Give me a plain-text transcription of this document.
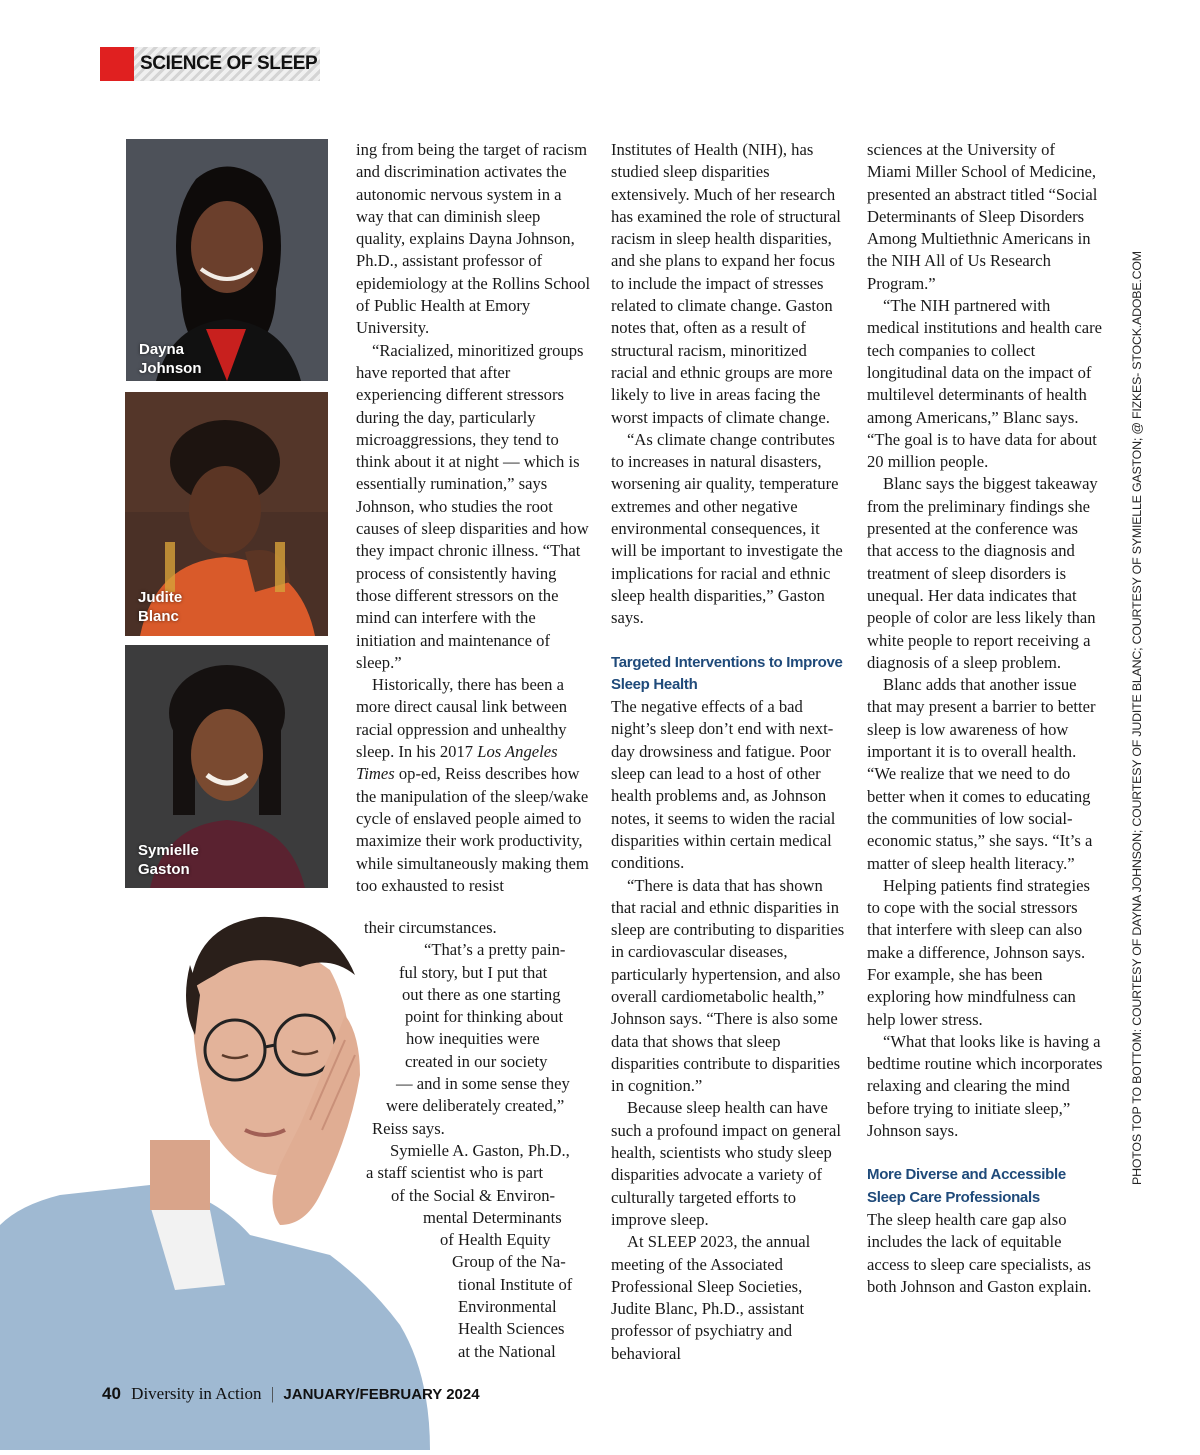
SCIENCE OF SLEEP
Dayna
Johnson
Judite
Blanc
Symielle
Gaston

ing from being the target of racism and discrimination activates the autonomic nervous system in a way that can diminish sleep quality, explains Dayna Johnson, Ph.D., assistant professor of epidemiology at the Rollins School of Public Health at Emory University.

“Racialized, minoritized groups have reported that after experiencing different stressors during the day, particularly microaggressions, they tend to think about it at night — which is essentially rumination,” says Johnson, who studies the root causes of sleep disparities and how they impact chronic illness. “That process of consistently having those different stressors on the mind can interfere with the initiation and maintenance of sleep.”

Historically, there has been a more direct causal link between racial oppression and unhealthy sleep. In his 2017 Los Angeles Times op-ed, Reiss describes how the manipulation of the sleep/wake cycle of enslaved people aimed to maximize their work productivity, while simultaneously making them too exhausted to resist

their circumstances.
“That’s a pretty pain-
ful story, but I put that
out there as one starting
point for thinking about
how inequities were
created in our society
— and in some sense they
were deliberately created,”
Reiss says.
Symielle A. Gaston, Ph.D.,
a staff scientist who is part
of the Social & Environ-
mental Determinants
of Health Equity
Group of the Na-
tional Institute of
Environmental
Health Sciences
at the National

Institutes of Health (NIH), has studied sleep disparities extensively. Much of her research has examined the role of structural racism in sleep health disparities, and she plans to expand her focus to include the impact of stresses related to climate change. Gaston notes that, often as a result of structural racism, minoritized racial and ethnic groups are more likely to live in areas facing the worst impacts of climate change.

“As climate change contributes to increases in natural disasters, worsening air quality, temperature extremes and other negative environmental consequences, it will be important to investigate the implications for racial and ethnic sleep health disparities,” Gaston says.

Targeted Interventions to Improve Sleep Health

The negative effects of a bad night’s sleep don’t end with next-day drowsiness and fatigue. Poor sleep can lead to a host of other health problems and, as Johnson notes, it seems to widen the racial disparities within certain medical conditions.

“There is data that has shown that racial and ethnic disparities in sleep are contributing to disparities in cardiovascular diseases, particularly hypertension, and also overall cardiometabolic health,” Johnson says. “There is also some data that shows that sleep disparities contribute to disparities in cognition.”

Because sleep health can have such a profound impact on general health, scientists who study sleep disparities advocate a variety of culturally targeted efforts to improve sleep.

At SLEEP 2023, the annual meeting of the Associated Professional Sleep Societies, Judite Blanc, Ph.D., assistant professor of psychiatry and behavioral

sciences at the University of Miami Miller School of Medicine, presented an abstract titled “Social Determinants of Sleep Disorders Among Multiethnic Americans in the NIH All of Us Research Program.”

“The NIH partnered with medical institutions and health care tech companies to collect longitudinal data on the impact of multilevel determinants of health among Americans,” Blanc says. “The goal is to have data for about 20 million people.

Blanc says the biggest takeaway from the preliminary findings she presented at the conference was that access to the diagnosis and treatment of sleep disorders is unequal. Her data indicates that people of color are less likely than white people to report receiving a diagnosis of a sleep problem.

Blanc adds that another issue that may present a barrier to better sleep is low awareness of how important it is to overall health. “We realize that we need to do better when it comes to educating the communities of low social-economic status,” she says. “It’s a matter of sleep health literacy.”

Helping patients find strategies to cope with the social stressors that interfere with sleep can also make a difference, Johnson says. For example, she has been exploring how mindfulness can help lower stress.

“What that looks like is having a bedtime routine which incorporates relaxing and clearing the mind before trying to initiate sleep,” Johnson says.

More Diverse and Accessible Sleep Care Professionals

The sleep health care gap also includes the lack of equitable access to sleep care specialists, as both Johnson and Gaston explain.

PHOTOS TOP TO BOTTOM: COURTESY OF DAYNA JOHNSON; COURTESY OF JUDITE BLANC; COURTESY OF SYMIELLE GASTON; @ FIZKES- STOCK.ADOBE.COM
40 Diversity in Action | JANUARY/FEBRUARY 2024
